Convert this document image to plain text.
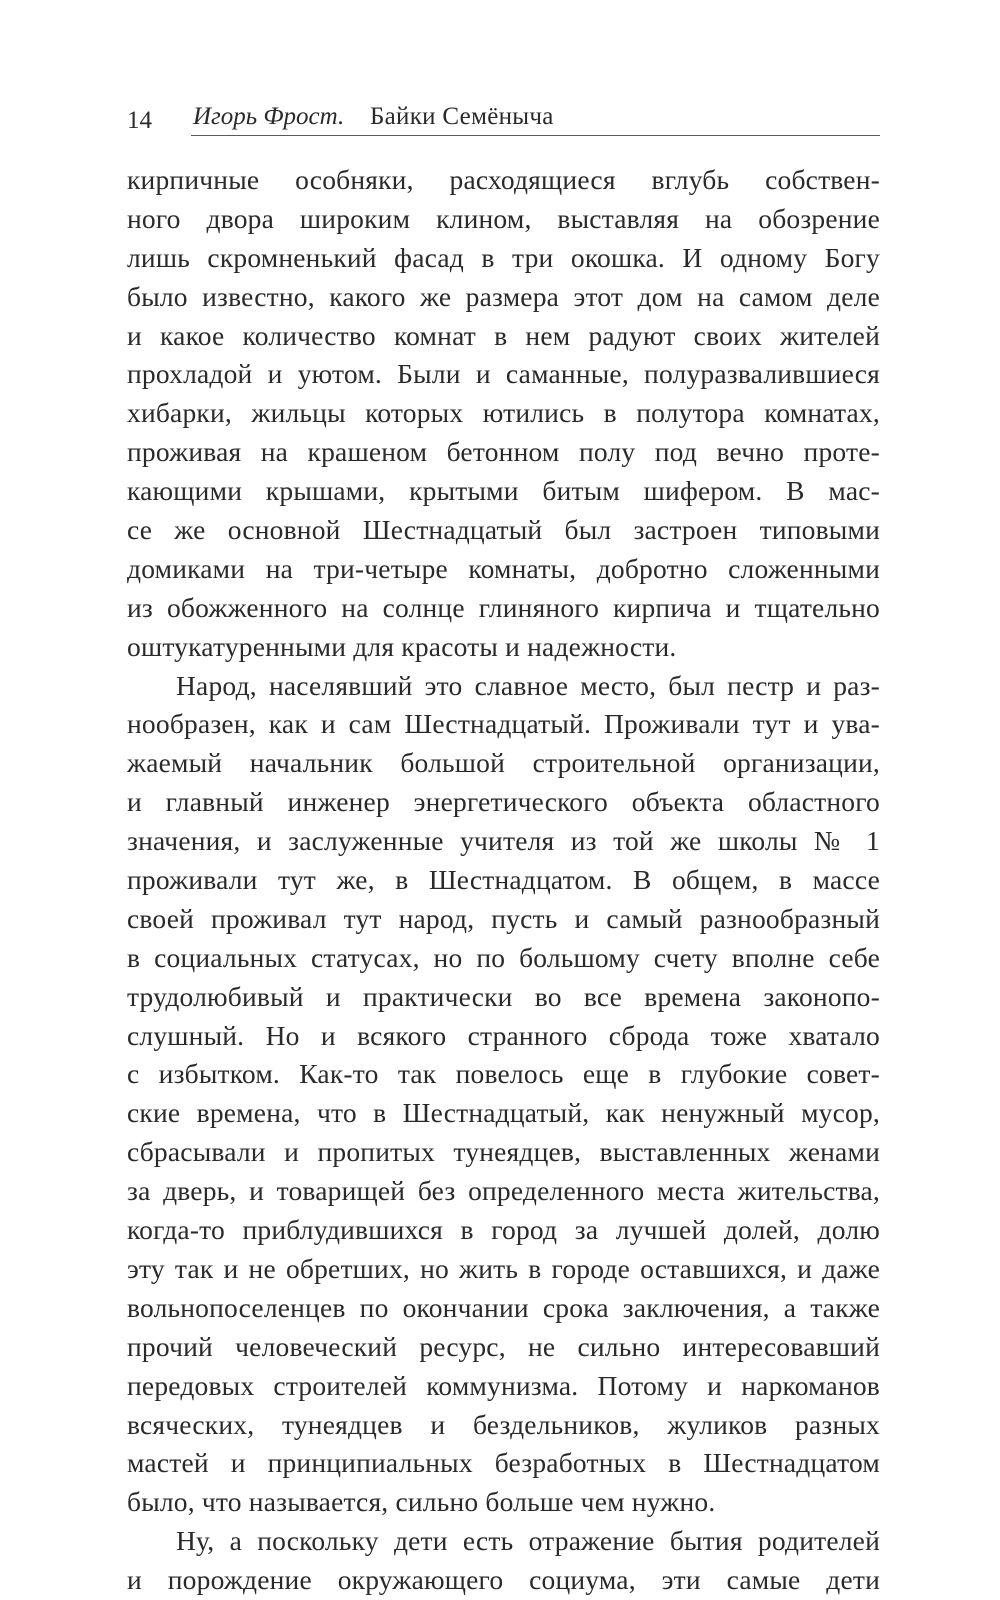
14 Игорь Фрост. Байки Семёныча
кирпичные особняки, расходящиеся вглубь собствен-
ного двора широким клином, выставляя на обозрение
лишь скромненький фасад в три окошка. И одному Богу
было известно, какого же размера этот дом на самом деле
и какое количество комнат в нем радуют своих жителей
прохладой и уютом. Были и саманные, полуразвалившиеся
хибарки, жильцы которых ютились в полутора комнатах,
проживая на крашеном бетонном полу под вечно проте-
кающими крышами, крытыми битым шифером. В мас-
се же основной Шестнадцатый был застроен типовыми
домиками на три-четыре комнаты, добротно сложенными
из обожженного на солнце глиняного кирпича и тщательно
оштукатуренными для красоты и надежности.
Народ, населявший это славное место, был пестр и раз-
нообразен, как и сам Шестнадцатый. Проживали тут и ува-
жаемый начальник большой строительной организации,
и главный инженер энергетического объекта областного
значения, и заслуженные учителя из той же школы № 1
проживали тут же, в Шестнадцатом. В общем, в массе
своей проживал тут народ, пусть и самый разнообразный
в социальных статусах, но по большому счету вполне себе
трудолюбивый и практически во все времена законопо-
слушный. Но и всякого странного сброда тоже хватало
с избытком. Как-то так повелось еще в глубокие совет-
ские времена, что в Шестнадцатый, как ненужный мусор,
сбрасывали и пропитых тунеядцев, выставленных женами
за дверь, и товарищей без определенного места жительства,
когда-то приблудившихся в город за лучшей долей, долю
эту так и не обретших, но жить в городе оставшихся, и даже
вольнопоселенцев по окончании срока заключения, а также
прочий человеческий ресурс, не сильно интересовавший
передовых строителей коммунизма. Потому и наркоманов
всяческих, тунеядцев и бездельников, жуликов разных
мастей и принципиальных безработных в Шестнадцатом
было, что называется, сильно больше чем нужно.
Ну, а поскольку дети есть отражение бытия родителей
и порождение окружающего социума, эти самые дети
